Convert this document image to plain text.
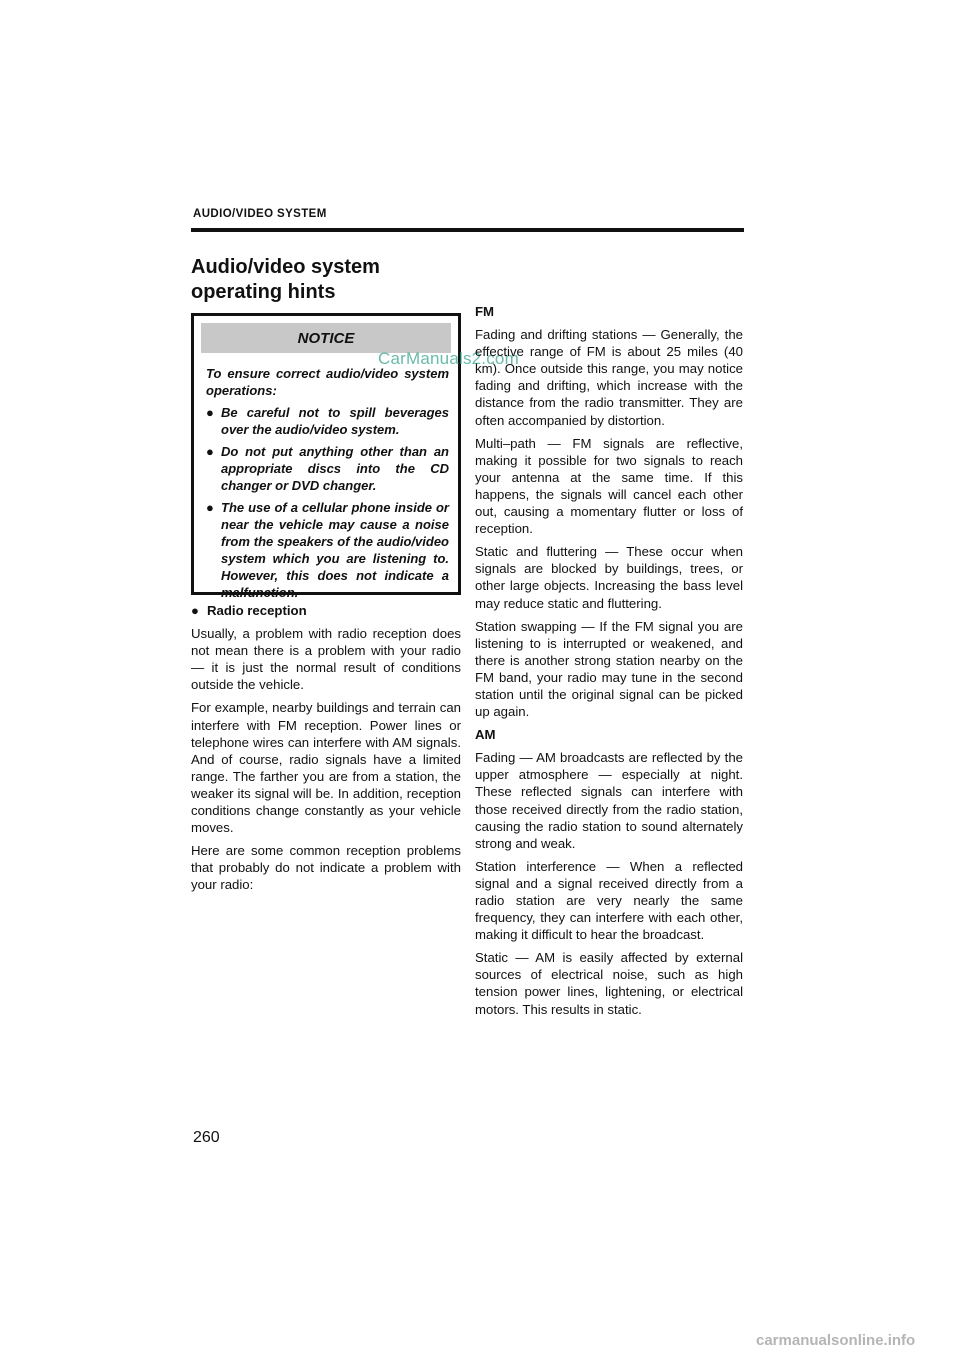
AUDIO/VIDEO SYSTEM
Audio/video system
operating hints
NOTICE

To ensure correct audio/video system operations:

● Be careful not to spill beverages over the audio/video system.
● Do not put anything other than an appropriate discs into the CD changer or DVD changer.
● The use of a cellular phone inside or near the vehicle may cause a noise from the speakers of the audio/video system which you are listening to. However, this does not indicate a malfunction.
CarManuals2.com
● Radio reception

Usually, a problem with radio reception does not mean there is a problem with your radio — it is just the normal result of conditions outside the vehicle.

For example, nearby buildings and terrain can interfere with FM reception. Power lines or telephone wires can interfere with AM signals. And of course, radio signals have a limited range. The farther you are from a station, the weaker its signal will be. In addition, reception conditions change constantly as your vehicle moves.

Here are some common reception problems that probably do not indicate a problem with your radio:

FM

Fading and drifting stations — Generally, the effective range of FM is about 25 miles (40 km). Once outside this range, you may notice fading and drifting, which increase with the distance from the radio transmitter. They are often accompanied by distortion.

Multi–path — FM signals are reflective, making it possible for two signals to reach your antenna at the same time. If this happens, the signals will cancel each other out, causing a momentary flutter or loss of reception.

Static and fluttering — These occur when signals are blocked by buildings, trees, or other large objects. Increasing the bass level may reduce static and fluttering.

Station swapping — If the FM signal you are listening to is interrupted or weakened, and there is another strong station nearby on the FM band, your radio may tune in the second station until the original signal can be picked up again.

AM

Fading — AM broadcasts are reflected by the upper atmosphere — especially at night. These reflected signals can interfere with those received directly from the radio station, causing the radio station to sound alternately strong and weak.

Station interference — When a reflected signal and a signal received directly from a radio station are very nearly the same frequency, they can interfere with each other, making it difficult to hear the broadcast.

Static — AM is easily affected by external sources of electrical noise, such as high tension power lines, lightening, or electrical motors. This results in static.

260
carmanualsonline.info
